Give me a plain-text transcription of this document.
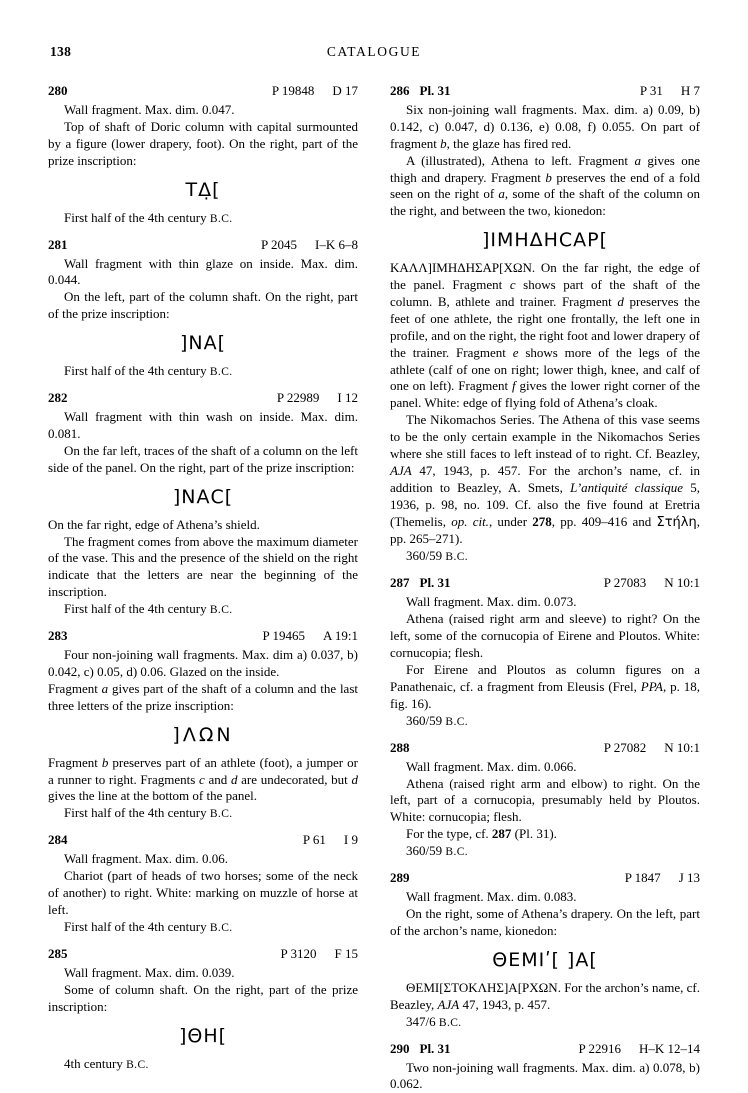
138	CATALOGUE
280	P 19848 D 17

Wall fragment. Max. dim. 0.047.

Top of shaft of Doric column with capital surmounted by a figure (lower drapery, foot). On the right, part of the prize inscription:

ΤΔ̣[

First half of the 4th century B.C.

281	P 2045 I–K 6–8

Wall fragment with thin glaze on inside. Max. dim. 0.044.

On the left, part of the column shaft. On the right, part of the prize inscription:

]ΝΑ[

First half of the 4th century B.C.

282	P 22989 I 12

Wall fragment with thin wash on inside. Max. dim. 0.081.

On the far left, traces of the shaft of a column on the left side of the panel. On the right, part of the prize inscription:

]ΝΑϹ[

On the far right, edge of Athena’s shield.

The fragment comes from above the maximum diameter of the vase. This and the presence of the shield on the right indicate that the letters are near the beginning of the inscription.

First half of the 4th century B.C.

283	P 19465 A 19:1

Four non-joining wall fragments. Max. dim a) 0.037, b) 0.042, c) 0.05, d) 0.06. Glazed on the inside.

Fragment a gives part of the shaft of a column and the last three letters of the prize inscription:

]ΛΩΝ

Fragment b preserves part of an athlete (foot), a jumper or a runner to right. Fragments c and d are undecorated, but d gives the line at the bottom of the panel.

First half of the 4th century B.C.

284	P 61 I 9

Wall fragment. Max. dim. 0.06.

Chariot (part of heads of two horses; some of the neck of another) to right. White: marking on muzzle of horse at left.

First half of the 4th century B.C.

285	P 3120 F 15

Wall fragment. Max. dim. 0.039.

Some of column shaft. On the right, part of the prize inscription:

]ΘΗ[

4th century B.C.

286 Pl. 31	P 31 H 7

Six non-joining wall fragments. Max. dim. a) 0.09, b) 0.142, c) 0.047, d) 0.136, e) 0.08, f) 0.055. On part of fragment b, the glaze has fired red.

A (illustrated), Athena to left. Fragment a gives one thigh and drapery. Fragment b preserves the end of a fold seen on the right of a, some of the shaft of the column on the right, and between the two, kionedon:

]ΙΜΗΔΗϹΑΡ[

ΚΑΛΛ]ΙΜΗΔΗΣΑΡ[ΧΩΝ. On the far right, the edge of the panel. Fragment c shows part of the shaft of the column. B, athlete and trainer. Fragment d preserves the feet of one athlete, the right one frontally, the left one in profile, and on the right, the right foot and lower drapery of the trainer. Fragment e shows more of the legs of the athlete (calf of one on right; lower thigh, knee, and calf of one on left). Fragment f gives the lower right corner of the panel. White: edge of flying fold of Athena’s cloak.

The Nikomachos Series. The Athena of this vase seems to be the only certain example in the Nikomachos Series where she still faces to left instead of to right. Cf. Beazley, AJA 47, 1943, p. 457. For the archon’s name, cf. in addition to Beazley, A. Smets, L’antiquité classique 5, 1936, p. 98, no. 109. Cf. also the five found at Eretria (Themelis, op. cit., under 278, pp. 409–416 and Στήλη, pp. 265–271).

360/59 B.C.

287 Pl. 31	P 27083 N 10:1

Wall fragment. Max. dim. 0.073.

Athena (raised right arm and sleeve) to right? On the left, some of the cornucopia of Eirene and Ploutos. White: cornucopia; flesh.

For Eirene and Ploutos as column figures on a Panathenaic, cf. a fragment from Eleusis (Frel, PPA, p. 18, fig. 16).

360/59 B.C.

288	P 27082 N 10:1

Wall fragment. Max. dim. 0.066.

Athena (raised right arm and elbow) to right. On the left, part of a cornucopia, presumably held by Ploutos. White: cornucopia; flesh.

For the type, cf. 287 (Pl. 31).

360/59 B.C.

289	P 1847 J 13

Wall fragment. Max. dim. 0.083.

On the right, some of Athena’s drapery. On the left, part of the archon’s name, kionedon:

ΘΕΜΙʹ[ ]Α[

ΘΕΜΙ[ΣΤΟΚΛΗΣ]Α[ΡΧΩΝ. For the archon’s name, cf. Beazley, AJA 47, 1943, p. 457.

347/6 B.C.

290 Pl. 31	P 22916 H–K 12–14

Two non-joining wall fragments. Max. dim. a) 0.078, b) 0.062.
